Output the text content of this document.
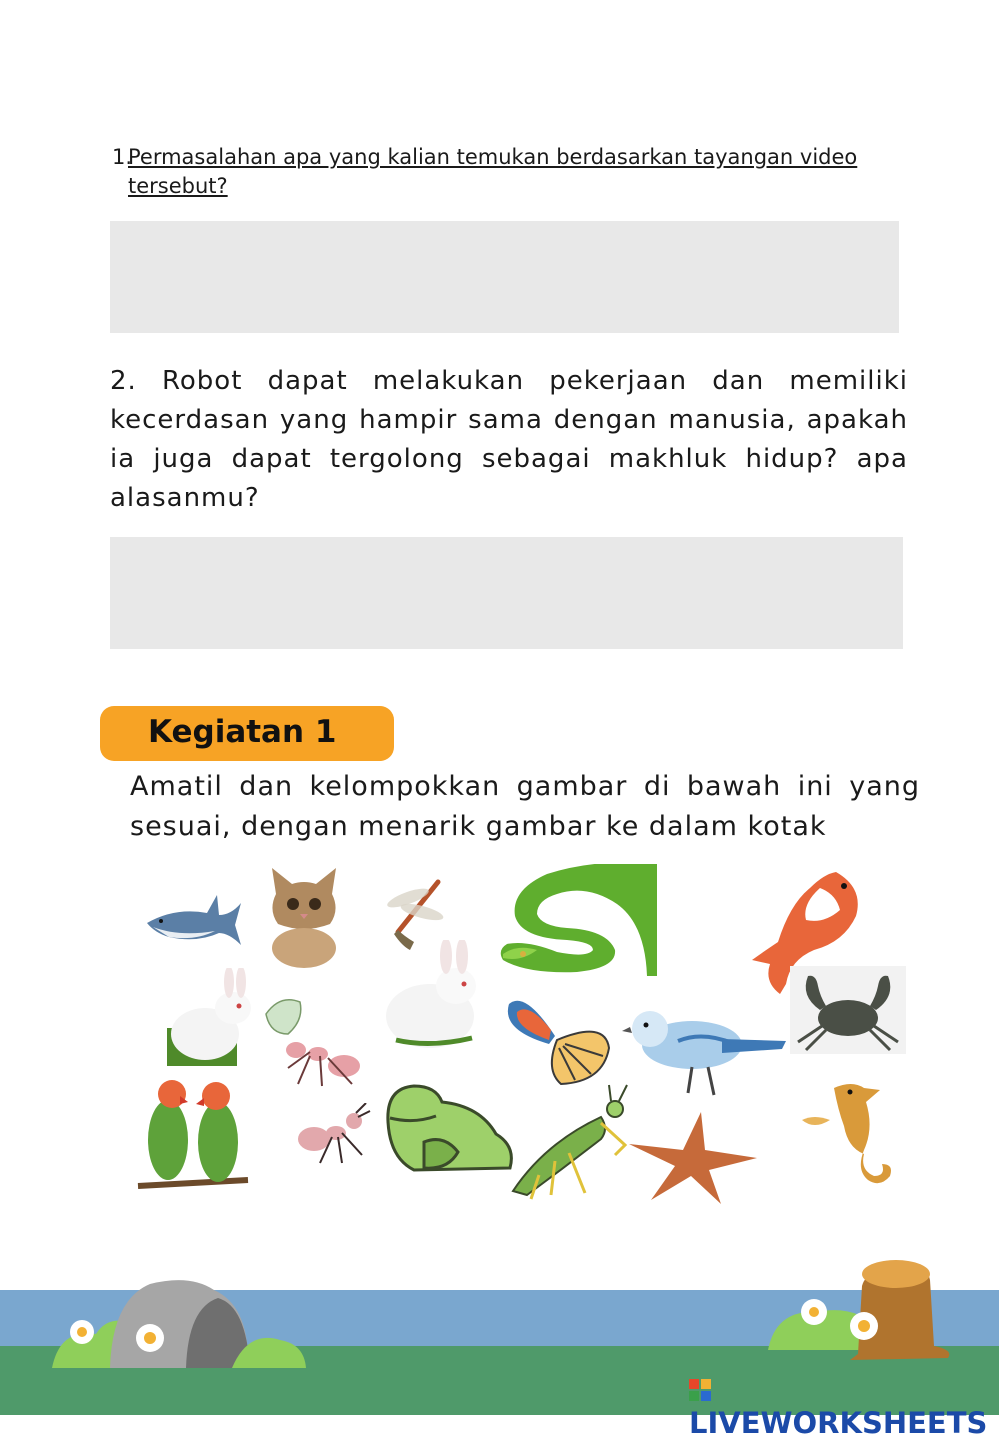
1.
Permasalahan apa yang kalian temukan berdasarkan tayangan video tersebut?
2. Robot dapat melakukan pekerjaan dan memiliki kecerdasan yang hampir sama dengan manusia, apakah ia juga dapat tergolong sebagai makhluk hidup? apa alasanmu?
Kegiatan 1
Amatil dan kelompokkan gambar di bawah ini yang sesuai, dengan menarik gambar ke dalam kotak
LIVEWORKSHEETS
